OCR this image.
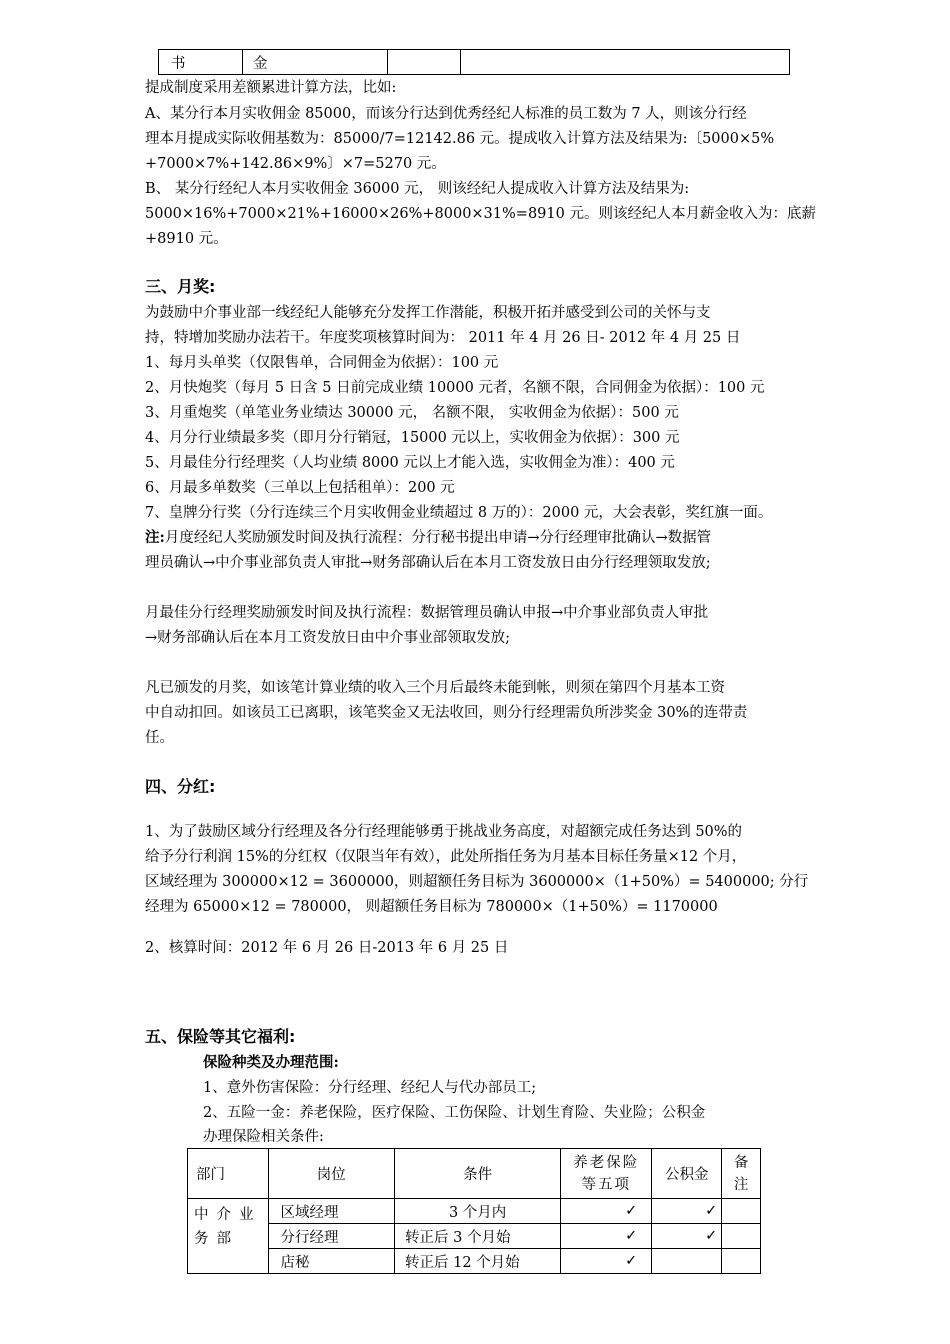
书	金		
提成制度采用差额累进计算方法，比如:
A、某分行本月实收佣金 85000，而该分行达到优秀经纪人标准的员工数为 7 人，则该分行经
理本月提成实际收佣基数为：85000/7=12142.86 元。提成收入计算方法及结果为:〔5000×5%
+7000×7%+142.86×9%〕×7=5270 元。
B、 某分行经纪人本月实收佣金 36000 元， 则该经纪人提成收入计算方法及结果为:
5000×16%+7000×21%+16000×26%+8000×31%=8910 元。则该经纪人本月薪金收入为：底薪
+8910 元。
三、月奖:
为鼓励中介事业部一线经纪人能够充分发挥工作潜能，积极开拓并感受到公司的关怀与支
持，特增加奖励办法若干。年度奖项核算时间为： 2011 年 4 月 26 日- 2012 年 4 月 25 日
1、每月头单奖（仅限售单，合同佣金为依据）：100 元
2、月快炮奖（每月 5 日含 5 日前完成业绩 10000 元者，名额不限，合同佣金为依据）：100 元
3、月重炮奖（单笔业务业绩达 30000 元， 名额不限， 实收佣金为依据）：500 元
4、月分行业绩最多奖（即月分行销冠，15000 元以上，实收佣金为依据）：300 元
5、月最佳分行经理奖（人均业绩 8000 元以上才能入选，实收佣金为准）：400 元
6、月最多单数奖（三单以上包括租单）：200 元
7、皇牌分行奖（分行连续三个月实收佣金业绩超过 8 万的）：2000 元，大会表彰，奖红旗一面。
注:月度经纪人奖励颁发时间及执行流程：分行秘书提出申请→分行经理审批确认→数据管
理员确认→中介事业部负责人审批→财务部确认后在本月工资发放日由分行经理领取发放;
月最佳分行经理奖励颁发时间及执行流程：数据管理员确认申报→中介事业部负责人审批
→财务部确认后在本月工资发放日由中介事业部领取发放;
凡已颁发的月奖，如该笔计算业绩的收入三个月后最终未能到帐，则须在第四个月基本工资
中自动扣回。如该员工已离职，该笔奖金又无法收回，则分行经理需负所涉奖金 30%的连带责
任。
四、分红:
1、为了鼓励区域分行经理及各分行经理能够勇于挑战业务高度，对超额完成任务达到 50%的
给予分行利润 15%的分红权（仅限当年有效），此处所指任务为月基本目标任务量×12 个月，
区域经理为 300000×12 = 3600000，则超额任务目标为 3600000×（1+50%）= 5400000; 分行
经理为 65000×12 = 780000， 则超额任务目标为 780000×（1+50%）= 1170000
2、核算时间：2012 年 6 月 26 日-2013 年 6 月 25 日
五、保险等其它福利:
保险种类及办理范围:
1、意外伤害保险：分行经理、经纪人与代办部员工;
2、五险一金：养老保险，医疗保险、工伤保险、计划生育险、失业险；公积金
办理保险相关条件:
部门	岗位	条件	养老保险等五项	公积金	备注
中介业务部	区域经理	3 个月内	✓	✓	
	分行经理	转正后 3 个月始	✓	✓	
	店秘	转正后 12 个月始	✓		
